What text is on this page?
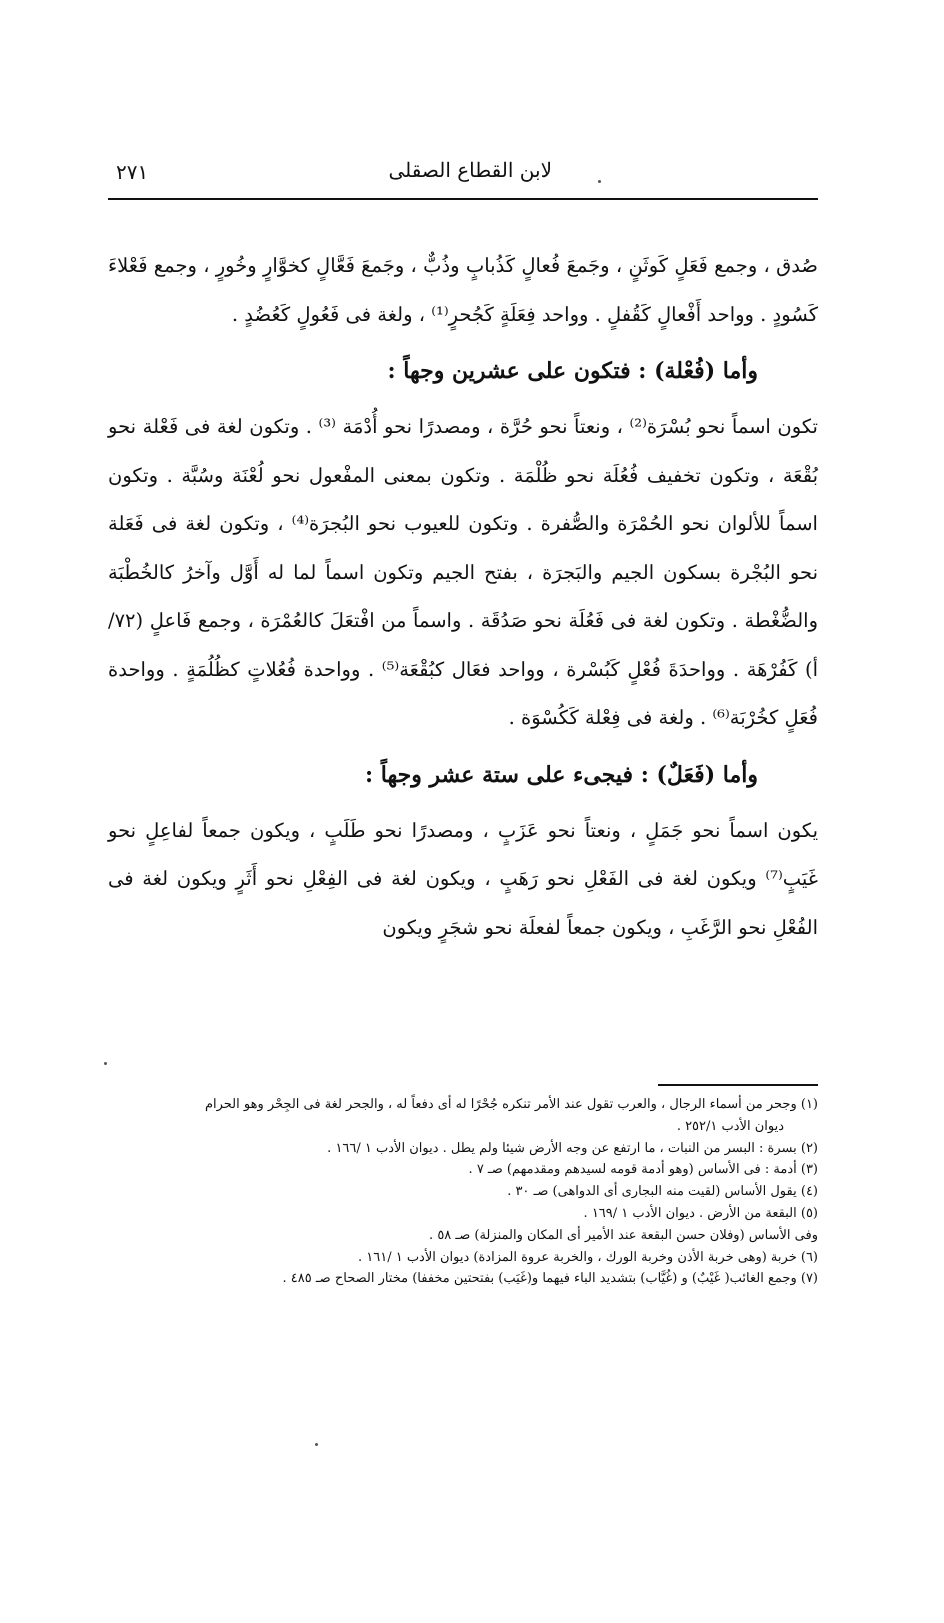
لابن القطاع الصقلى
٢٧١

صُدق ، وجمع فَعَلٍ كَوثَنٍ ، وجَمعَ فُعالٍ كَذُبابٍ وذُبٌّ ، وجَمعَ فَعَّالٍ كخوَّارٍ وخُورٍ ، وجمع فَعْلاءَ كَسُودٍ . وواحد أَفْعالٍ كَقُفلٍ . وواحد فِعَلَةٍ كَجُحرٍ⁽¹⁾ ، ولغة فى فَعُولٍ كَعُضُدٍ .

وأما (فُعْلة) : فتكون على عشرين وجهاً :

تكون اسماً نحو بُسْرَة⁽²⁾ ، ونعتاً نحو حُرَّة ، ومصدرًا نحو أُدْمَة ⁽³⁾ . وتكون لغة فى فَعْلة نحو بُقْعَة ، وتكون تخفيف فُعُلَة نحو ظُلْمَة . وتكون بمعنى المفْعول نحو لُعْنَة وسُبَّة . وتكون اسماً للألوان نحو الحُمْرَة والصُّفرة . وتكون للعيوب نحو البُجرَة⁽⁴⁾ ، وتكون لغة فى فَعَلة نحو البُجْرة بسكون الجيم والبَجرَة ، بفتح الجيم وتكون اسماً لما له أَوَّل وآخرُ كالخُطْبَة والضُّغْطة . وتكون لغة فى فَعُلَة نحو صَدُقَة . واسماً من افْتعَلَ كالعُمْرَة ، وجمع فَاعلٍ (٧٢/ أ) كَفُرْهَة . وواحدَةَ فُعْلٍ كَبُسْرة ، وواحد فعَال كبُقْعَة⁽⁵⁾ . وواحدة فُعُلاتٍ كظُلُمَةٍ . وواحدة فُعَلٍ كخُرْبَة⁽⁶⁾ . ولغة فى فِعْلة كَكُسْوَة .

وأما (فَعَلٌ) : فيجىء على ستة عشر وجهاً :

يكون اسماً نحو جَمَلٍ ، ونعتاً نحو عَزَبٍ ، ومصدرًا نحو طَلَبٍ ، ويكون جمعاً لفاعِلٍ نحو غَيَبٍ⁽⁷⁾ ويكون لغة فى الفَعْلِ نحو رَهَبٍ ، ويكون لغة فى الفِعْلِ نحو أَثَرٍ ويكون لغة فى الفُعْلِ نحو الرَّغَبِ ، ويكون جمعاً لفعلَة نحو شجَرٍ ويكون

(١) وجحر من أسماء الرجال ، والعرب تقول عند الأمر تنكره جُحْرًا له أى دفعاً له ، والجحر لغة فى الجِحْر وهو الحرام

ديوان الأدب ٢٥٢/١ .

(٢) بسرة : البسر من النبات ، ما ارتفع عن وجه الأرض شيئا ولم يطل . ديوان الأدب ١ /١٦٦ .

(٣) أدمة : فى الأساس (وهو أدمة قومه لسيدهم ومقدمهم) صـ ٧ .

(٤) يقول الأساس (لقيت منه البجارى أى الدواهى) صـ ٣٠ .

(٥) البقعة من الأرض . ديوان الأدب ١ /١٦٩ .

وفى الأساس (وفلان حسن البقعة عند الأمير أى المكان والمنزلة) صـ ٥٨ .

(٦) خربة (وهى خربة الأذن وخربة الورك ، والخربة عروة المزادة) ديوان الأدب ١ /١٦١ .

(٧) وجمع الغائب( غَيْبٌ) و (غُيَّاب) بتشديد الباء فيهما و(غَيَب) بفتحتين مخففا) مختار الصحاح صـ ٤٨٥ .
